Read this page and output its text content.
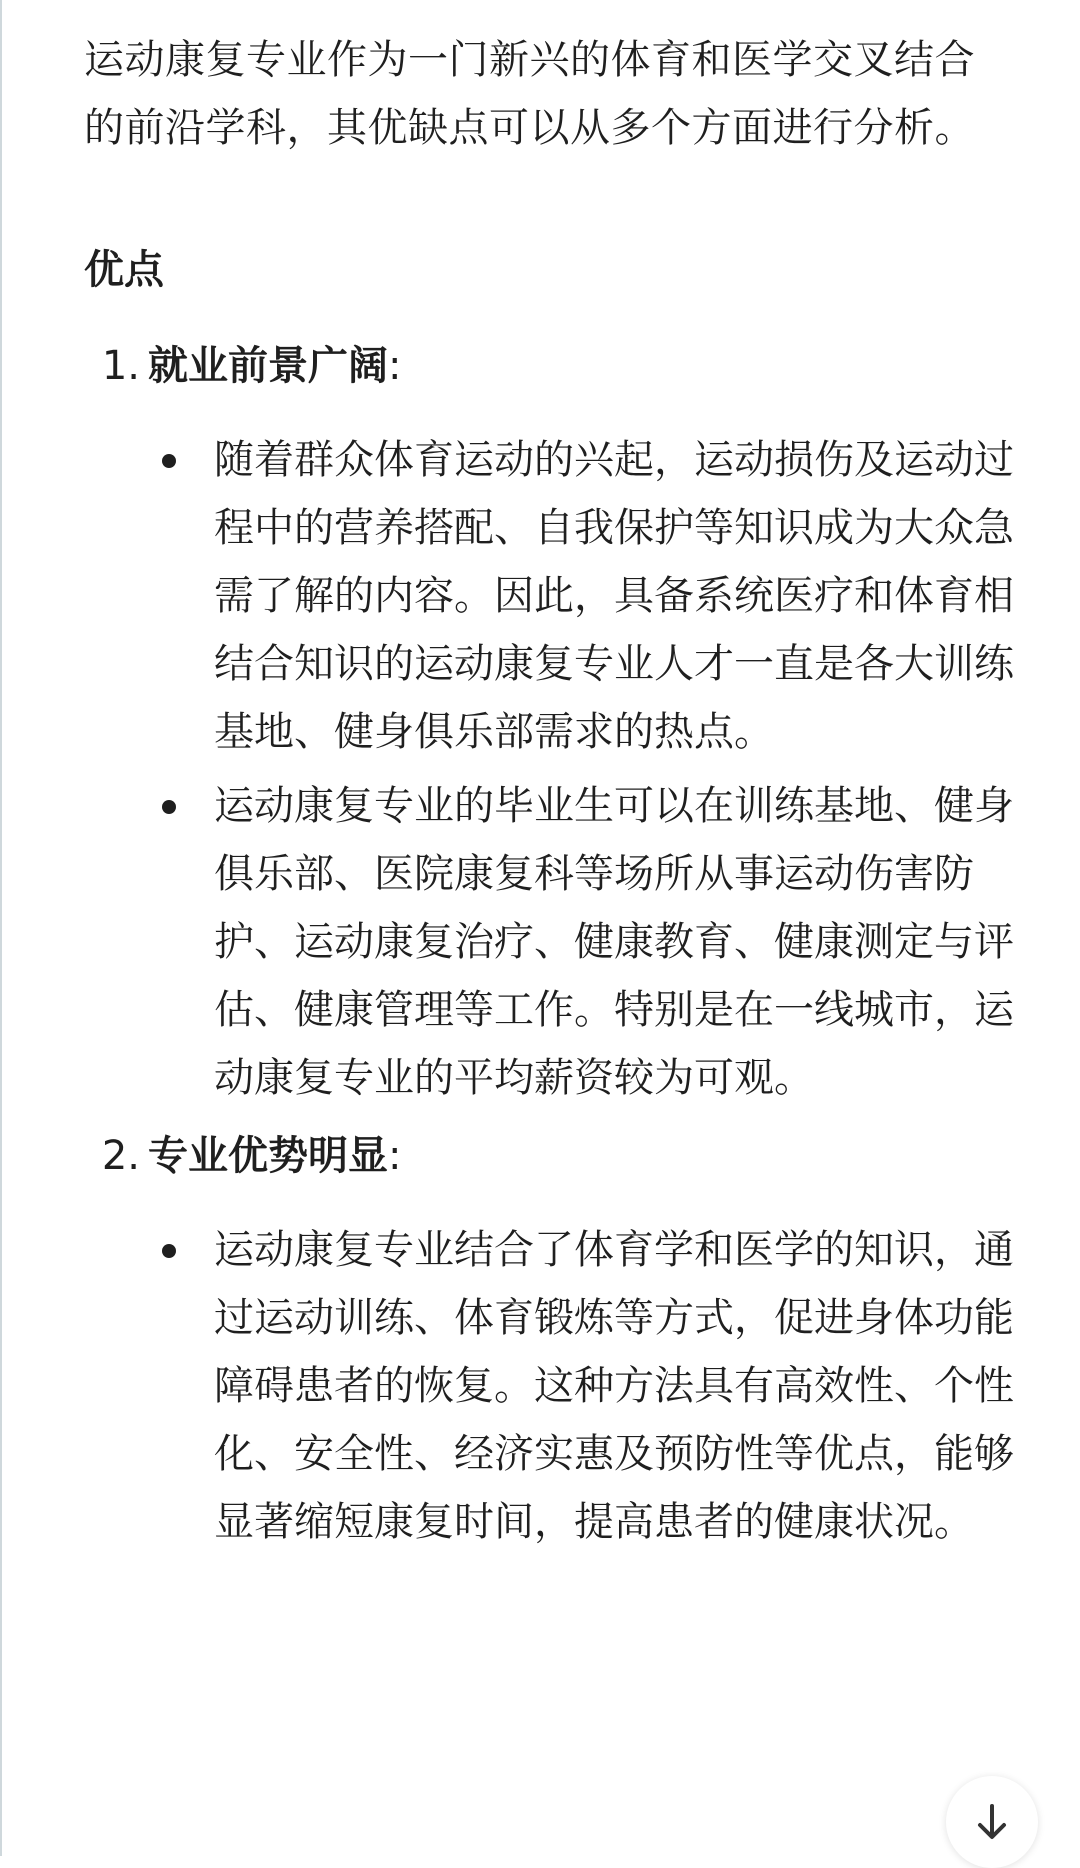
运动康复专业作为一门新兴的体育和医学交叉结合的前沿学科，其优缺点可以从多个方面进行分析。

优点
1. 就业前景广阔:
随着群众体育运动的兴起，运动损伤及运动过程中的营养搭配、自我保护等知识成为大众急需了解的内容。因此，具备系统医疗和体育相结合知识的运动康复专业人才一直是各大训练基地、健身俱乐部需求的热点。
运动康复专业的毕业生可以在训练基地、健身俱乐部、医院康复科等场所从事运动伤害防护、运动康复治疗、健康教育、健康测定与评估、健康管理等工作。特别是在一线城市，运动康复专业的平均薪资较为可观。
2. 专业优势明显:
运动康复专业结合了体育学和医学的知识，通过运动训练、体育锻炼等方式，促进身体功能障碍患者的恢复。这种方法具有高效性、个性化、安全性、经济实惠及预防性等优点，能够显著缩短康复时间，提高患者的健康状况。
